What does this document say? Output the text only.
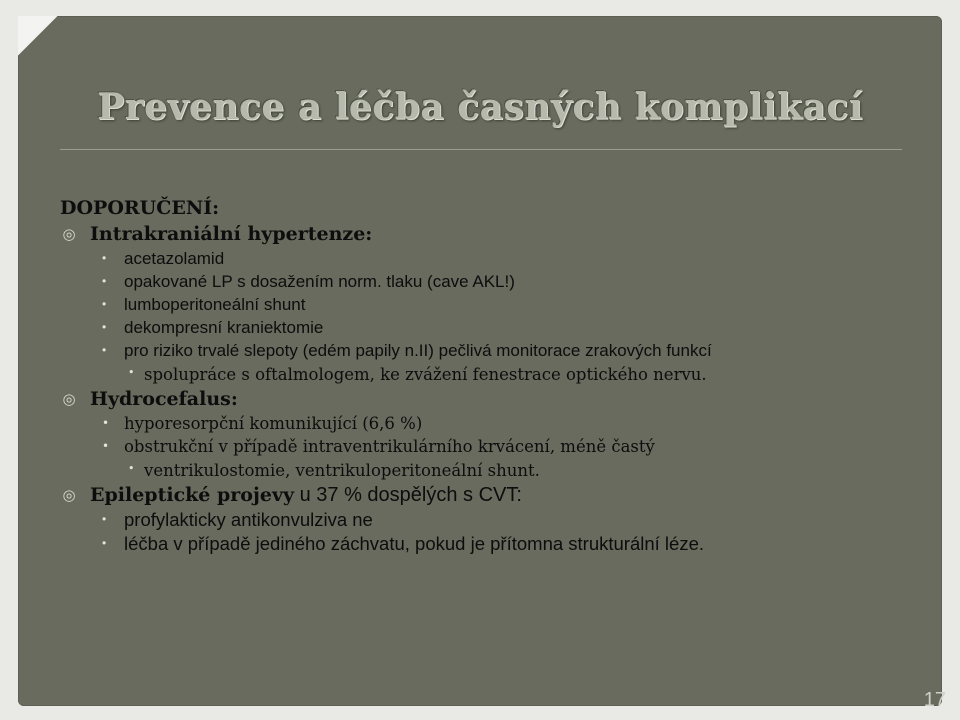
Prevence a léčba časných komplikací
DOPORUČENÍ:
◎ Intrakraniální hypertenze:
•	acetazolamid
•	opakované LP s dosažením norm. tlaku (cave AKL!)
•	lumboperitoneální shunt
•	dekompresní kraniektomie
•	pro riziko trvalé slepoty (edém papily n.II) pečlivá monitorace zrakových funkcí
• spolupráce s oftalmologem, ke zvážení fenestrace optického nervu.
◎ Hydrocefalus:
• hyporesorpční komunikující (6,6 %)
• obstrukční v případě intraventrikulárního krvácení, méně častý
• ventrikulostomie, ventrikuloperitoneální shunt.
◎ Epileptické projevy u 37 % dospělých s CVT:
• profylakticky antikonvulziva ne
• léčba v případě jediného záchvatu, pokud je přítomna strukturální léze.
17
